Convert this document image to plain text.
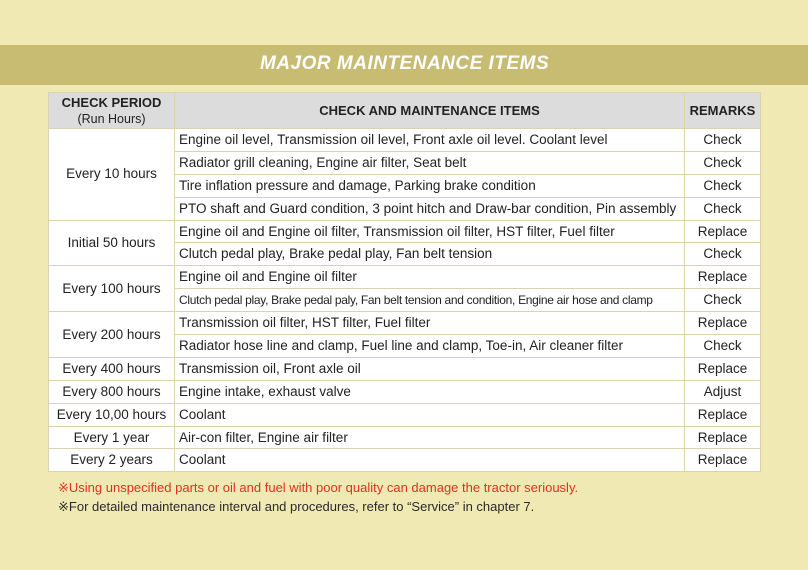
MAJOR MAINTENANCE ITEMS
CHECK PERIOD
(Run Hours)	CHECK AND MAINTENANCE ITEMS	REMARKS
Every 10 hours	Engine oil level, Transmission oil level, Front axle oil level. Coolant level	Check
	Radiator grill cleaning, Engine air filter, Seat belt	Check
	Tire inflation pressure and damage, Parking brake condition	Check
	PTO shaft and Guard condition, 3 point hitch and Draw-bar condition, Pin assembly	Check
Initial 50 hours	Engine oil and Engine oil filter, Transmission oil filter, HST filter, Fuel filter	Replace
	Clutch pedal play, Brake pedal play, Fan belt tension	Check
Every 100 hours	Engine oil and Engine oil filter	Replace
	Clutch pedal play, Brake pedal paly, Fan belt tension and condition, Engine air hose and clamp	Check
Every 200 hours	Transmission oil filter, HST filter, Fuel filter	Replace
	Radiator hose line and clamp, Fuel line and clamp, Toe-in, Air cleaner filter	Check
Every 400 hours	Transmission oil, Front axle oil	Replace
Every 800 hours	Engine intake, exhaust valve	Adjust
Every 10,00 hours	Coolant	Replace
Every 1 year	Air-con filter, Engine air filter	Replace
Every 2 years	Coolant	Replace
※Using unspecified parts or oil and fuel with poor quality can damage the tractor seriously.
※For detailed maintenance interval and procedures, refer to “Service” in chapter 7.
